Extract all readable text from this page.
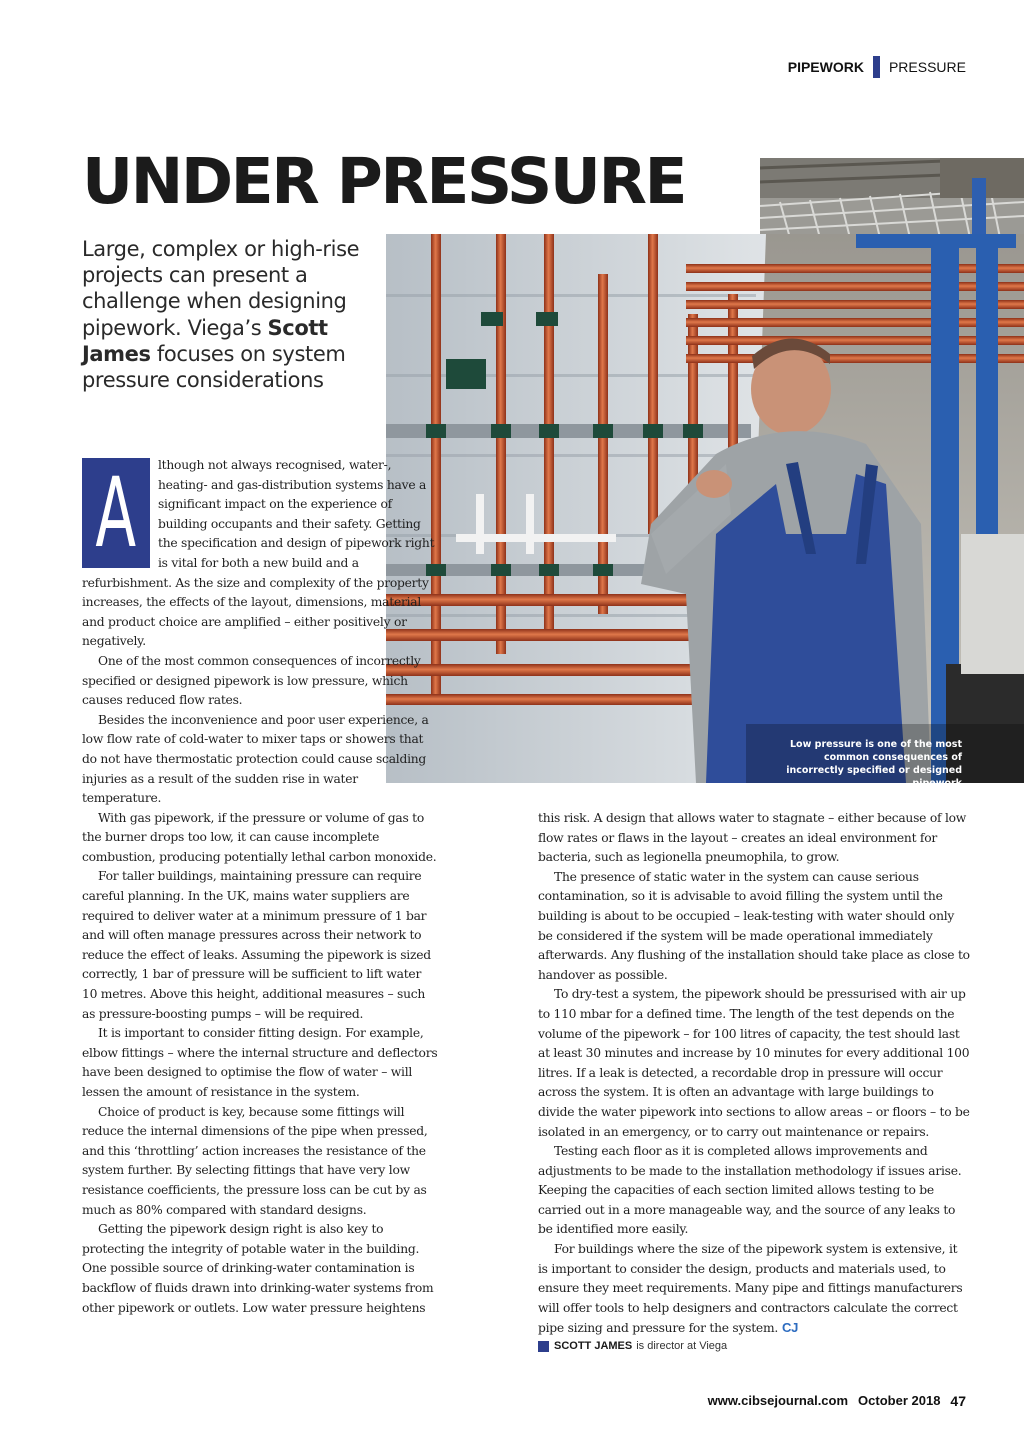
PIPEWORK PRESSURE
UNDER PRESSURE
Large, complex or high-rise projects can present a challenge when designing pipework. Viega’s Scott James focuses on system pressure considerations
Low pressure is one of the most common consequences of incorrectly specified or designed pipework
A	lthough not always recognised, water-, heating- and gas-distribution systems have a significant impact on the experience of building occupants and their safety. Getting the specification and design of pipework right is vital for both a new build and a refurbishment. As the size and complexity of the property increases, the effects of the layout, dimensions, material and product choice are amplified – either positively or negatively.

One of the most common consequences of incorrectly specified or designed pipework is low pressure, which causes reduced flow rates.

Besides the inconvenience and poor user experience, a low flow rate of cold-water to mixer taps or showers that do not have thermostatic protection could cause scalding injuries as a result of the sudden rise in water temperature.

With gas pipework, if the pressure or volume of gas to the burner drops too low, it can cause incomplete combustion, producing potentially lethal carbon monoxide.

For taller buildings, maintaining pressure can require careful planning. In the UK, mains water suppliers are required to deliver water at a minimum pressure of 1 bar and will often manage pressures across their network to reduce the effect of leaks. Assuming the pipework is sized correctly, 1 bar of pressure will be sufficient to lift water 10 metres. Above this height, additional measures – such as pressure-boosting pumps – will be required.

It is important to consider fitting design. For example, elbow fittings – where the internal structure and deflectors have been designed to optimise the flow of water – will lessen the amount of resistance in the system.

Choice of product is key, because some fittings will reduce the internal dimensions of the pipe when pressed, and this ‘throttling’ action increases the resistance of the system further. By selecting fittings that have very low resistance coefficients, the pressure loss can be cut by as much as 80% compared with standard designs.

Getting the pipework design right is also key to protecting the integrity of potable water in the building. One possible source of drinking-water contamination is backflow of fluids drawn into drinking-water systems from other pipework or outlets. Low water pressure heightens

this risk. A design that allows water to stagnate – either because of low flow rates or flaws in the layout – creates an ideal environment for bacteria, such as legionella pneumophila, to grow.

The presence of static water in the system can cause serious contamination, so it is advisable to avoid filling the system until the building is about to be occupied – leak-testing with water should only be considered if the system will be made operational immediately afterwards. Any flushing of the installation should take place as close to handover as possible.

To dry-test a system, the pipework should be pressurised with air up to 110 mbar for a defined time. The length of the test depends on the volume of the pipework – for 100 litres of capacity, the test should last at least 30 minutes and increase by 10 minutes for every additional 100 litres. If a leak is detected, a recordable drop in pressure will occur across the system. It is often an advantage with large buildings to divide the water pipework into sections to allow areas – or floors – to be isolated in an emergency, or to carry out maintenance or repairs.

Testing each floor as it is completed allows improvements and adjustments to be made to the installation methodology if issues arise. Keeping the capacities of each section limited allows testing to be carried out in a more manageable way, and the source of any leaks to be identified more easily.

For buildings where the size of the pipework system is extensive, it is important to consider the design, products and materials used, to ensure they meet requirements. Many pipe and fittings manufacturers will offer tools to help designers and contractors calculate the correct pipe sizing and pressure for the system. CJ

SCOTT JAMES is director at Viega
www.cibsejournal.com October 2018 47
